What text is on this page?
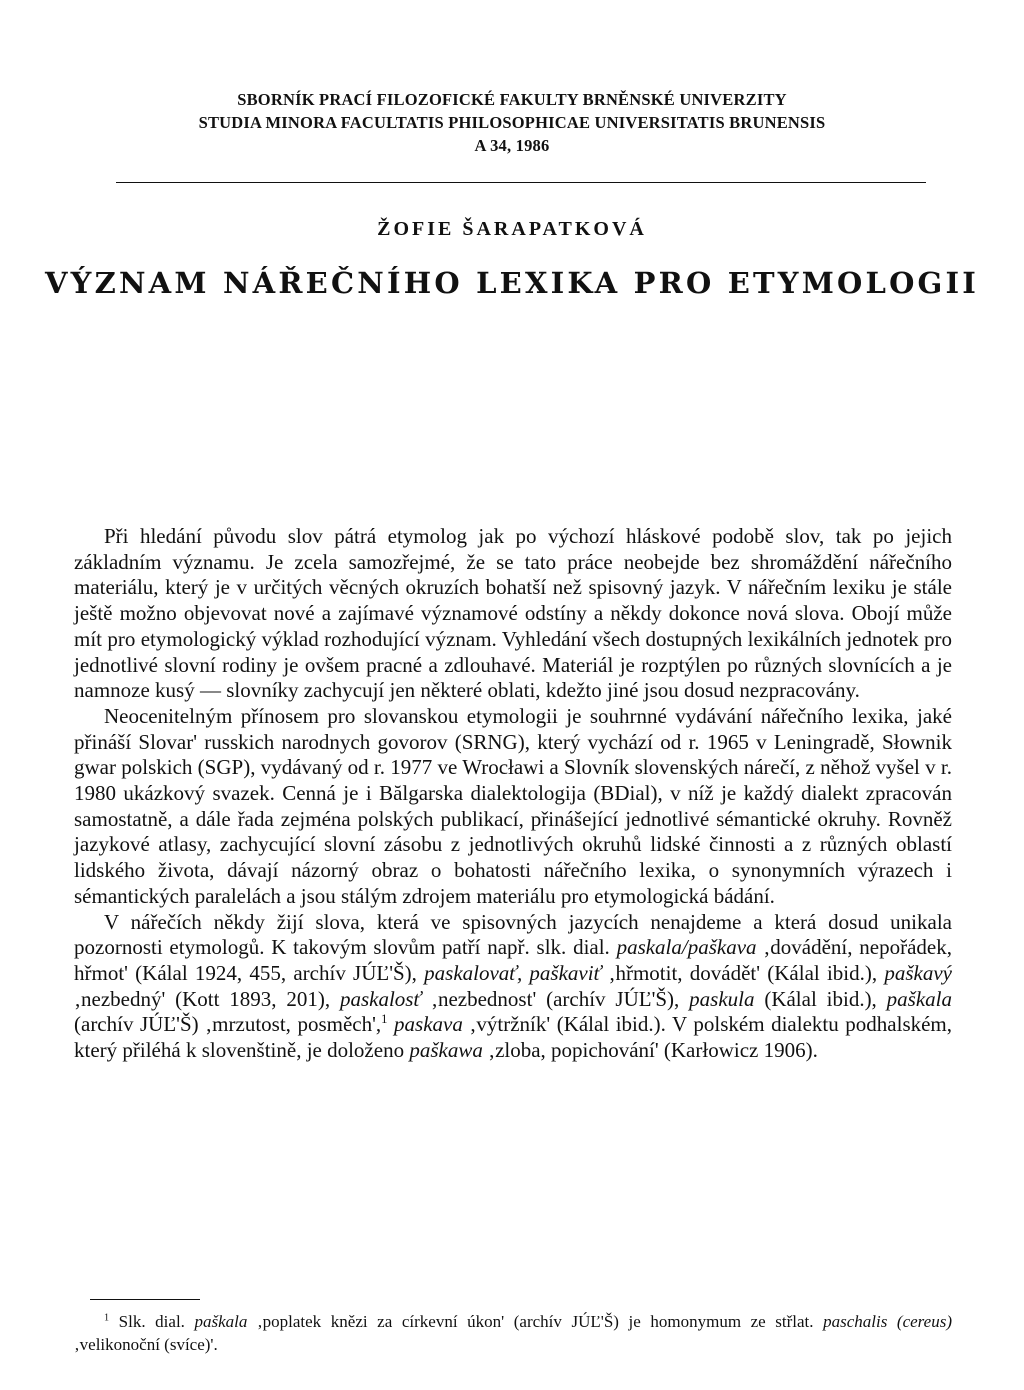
SBORNÍK PRACÍ FILOZOFICKÉ FAKULTY BRNĚNSKÉ UNIVERZITY
STUDIA MINORA FACULTATIS PHILOSOPHICAE UNIVERSITATIS BRUNENSIS
A 34, 1986
ŽOFIE ŠARAPATKOVÁ
VÝZNAM NÁŘEČNÍHO LEXIKA PRO ETYMOLOGII

Při hledání původu slov pátrá etymolog jak po výchozí hláskové podobě slov, tak po jejich základním významu. Je zcela samozřejmé, že se tato práce neobejde bez shromáždění nářečního materiálu, který je v určitých věcných okruzích bohatší než spisovný jazyk. V nářečním lexiku je stále ještě možno objevovat nové a zajímavé významové odstíny a někdy dokonce nová slova. Obojí může mít pro etymologický výklad rozhodující význam. Vyhledání všech dostupných lexikálních jednotek pro jednotlivé slovní rodiny je ovšem pracné a zdlouhavé. Materiál je rozptýlen po různých slovnících a je namnoze kusý — slovníky zachycují jen některé oblati, kdežto jiné jsou dosud nezpracovány.

Neocenitelným přínosem pro slovanskou etymologii je souhrnné vydávání nářečního lexika, jaké přináší Slovar' russkich narodnych govorov (SRNG), který vychází od r. 1965 v Leningradě, Słownik gwar polskich (SGP), vydávaný od r. 1977 ve Wrocławi a Slovník slovenských nárečí, z něhož vyšel v r. 1980 ukázkový svazek. Cenná je i Bălgarska dialektologija (BDial), v níž je každý dialekt zpracován samostatně, a dále řada zejména polských publikací, přinášející jednotlivé sémantické okruhy. Rovněž jazykové atlasy, zachycující slovní zásobu z jednotlivých okruhů lidské činnosti a z různých oblastí lidského života, dávají názorný obraz o bohatosti nářečního lexika, o synonymních výrazech i sémantických paralelách a jsou stálým zdrojem materiálu pro etymologická bádání.

V nářečích někdy žijí slova, která ve spisovných jazycích nenajdeme a která dosud unikala pozornosti etymologů. K takovým slovům patří např. slk. dial. paskala/paškava ‚dovádění, nepořádek, hřmot' (Kálal 1924, 455, archív JÚĽ'Š), paskalovať, paškaviť ‚hřmotit, dovádět' (Kálal ibid.), paškavý ‚nezbedný' (Kott 1893, 201), paskalosť ‚nezbednost' (archív JÚĽ'Š), paskula (Kálal ibid.), paškala (archív JÚĽ'Š) ‚mrzutost, posměch',$^1$ paskava ‚výtržník' (Kálal ibid.). V polském dialektu podhalském, který přiléhá k slovenštině, je doloženo paškawa ‚zloba, popichování' (Karłowicz 1906).

$^1$ Slk. dial. paškala ‚poplatek knězi za církevní úkon' (archív JÚĽ'Š) je homonymum ze střlat. paschalis (cereus) ‚velikonoční (svíce)'.
